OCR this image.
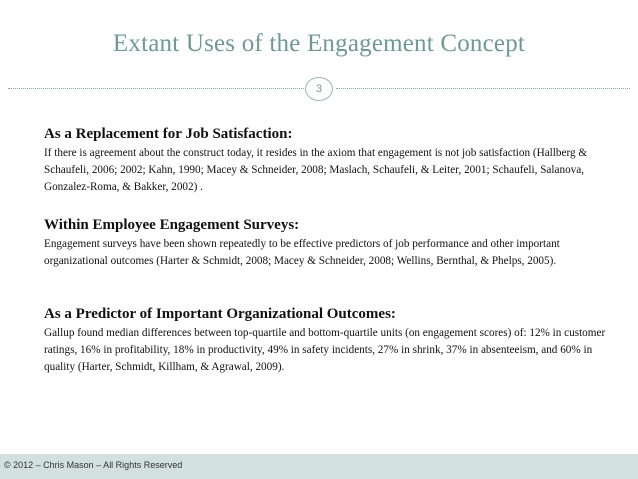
Extant Uses of the Engagement Concept
3
As a Replacement for Job Satisfaction:
If there is agreement about the construct today, it resides in the axiom that engagement is not job satisfaction (Hallberg & Schaufeli, 2006; 2002; Kahn, 1990; Macey & Schneider, 2008; Maslach, Schaufeli, & Leiter, 2001; Schaufeli, Salanova, Gonzalez-Roma, & Bakker, 2002) .
Within Employee Engagement Surveys:
Engagement surveys have been shown repeatedly to be effective predictors of job performance and other important organizational outcomes (Harter & Schmidt, 2008; Macey & Schneider, 2008; Wellins, Bernthal, & Phelps, 2005).
As a Predictor of Important Organizational Outcomes:
Gallup found median differences between top-quartile and bottom-quartile units (on engagement scores) of: 12% in customer ratings, 16% in profitability, 18% in productivity, 49% in safety incidents, 27% in shrink, 37% in absenteeism, and 60% in quality (Harter, Schmidt, Killham, & Agrawal, 2009).
© 2012 – Chris Mason – All Rights Reserved
